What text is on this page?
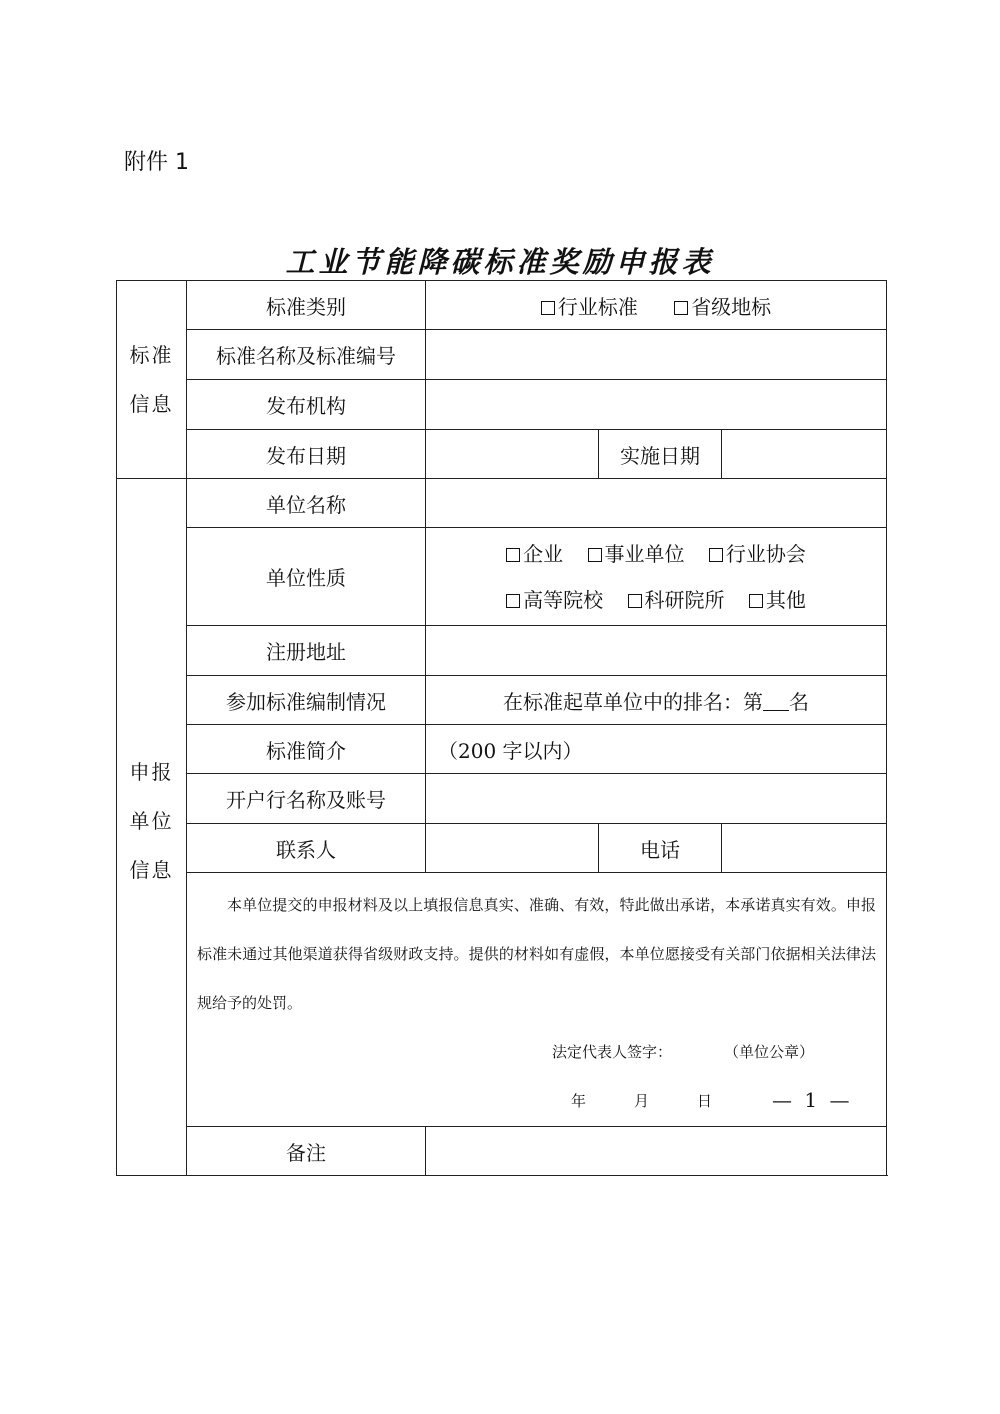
附件 1
工业节能降碳标准奖励申报表
标准
信息	标准类别	行业标准 省级地标		
	标准名称及标准编号			
	发布机构			
	发布日期		实施日期	

申报
单位
信息	单位名称			
	单位性质	企业 事业单位 行业协会
高等院校 科研院所 其他		

	注册地址			
	参加标准编制情况	在标准起草单位中的排名：第 名		
	标准简介	（200 字以内）		
	开户行名称及账号			
	联系人		电话	

	本单位提交的申报材料及以上填报信息真实、准确、有效，特此做出承诺，本承诺真实有效。申报标准未通过其他渠道获得省级财政支持。提供的材料如有虚假，本单位愿接受有关部门依据相关法律法规给予的处罚。

法定代表人签字： （单位公章）
年 月 日			

	备注			
— 1 —
